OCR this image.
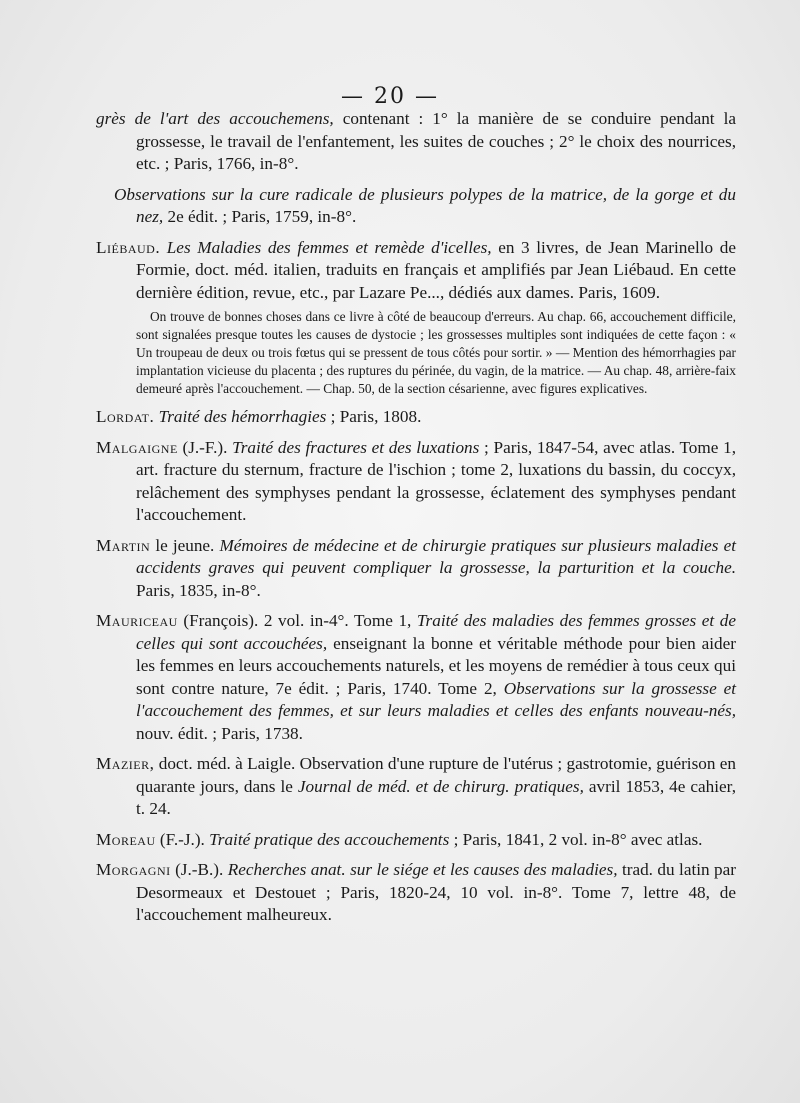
— 20 —

grès de l'art des accouchemens, contenant : 1° la manière de se conduire pendant la grossesse, le travail de l'enfantement, les suites de couches ; 2° le choix des nourrices, etc. ; Paris, 1766, in-8°.

Observations sur la cure radicale de plusieurs polypes de la matrice, de la gorge et du nez, 2e édit. ; Paris, 1759, in-8°.

Liébaud. Les Maladies des femmes et remède d'icelles, en 3 livres, de Jean Marinello de Formie, doct. méd. italien, traduits en français et amplifiés par Jean Liébaud. En cette dernière édition, revue, etc., par Lazare Pe..., dédiés aux dames. Paris, 1609.

On trouve de bonnes choses dans ce livre à côté de beaucoup d'erreurs. Au chap. 66, accouchement difficile, sont signalées presque toutes les causes de dystocie ; les grossesses multiples sont indiquées de cette façon : « Un troupeau de deux ou trois fœtus qui se pressent de tous côtés pour sortir. » — Mention des hémorrhagies par implantation vicieuse du placenta ; des ruptures du périnée, du vagin, de la matrice. — Au chap. 48, arrière-faix demeuré après l'accouchement. — Chap. 50, de la section césarienne, avec figures explicatives.

Lordat. Traité des hémorrhagies ; Paris, 1808.

Malgaigne (J.-F.). Traité des fractures et des luxations ; Paris, 1847-54, avec atlas. Tome 1, art. fracture du sternum, fracture de l'ischion ; tome 2, luxations du bassin, du coccyx, relâchement des symphyses pendant la grossesse, éclatement des symphyses pendant l'accouchement.

Martin le jeune. Mémoires de médecine et de chirurgie pratiques sur plusieurs maladies et accidents graves qui peuvent compliquer la grossesse, la parturition et la couche. Paris, 1835, in-8°.

Mauriceau (François). 2 vol. in-4°. Tome 1, Traité des maladies des femmes grosses et de celles qui sont accouchées, enseignant la bonne et véritable méthode pour bien aider les femmes en leurs accouchements naturels, et les moyens de remédier à tous ceux qui sont contre nature, 7e édit. ; Paris, 1740. Tome 2, Observations sur la grossesse et l'accouchement des femmes, et sur leurs maladies et celles des enfants nouveau-nés, nouv. édit. ; Paris, 1738.

Mazier, doct. méd. à Laigle. Observation d'une rupture de l'utérus ; gastrotomie, guérison en quarante jours, dans le Journal de méd. et de chirurg. pratiques, avril 1853, 4e cahier, t. 24.

Moreau (F.-J.). Traité pratique des accouchements ; Paris, 1841, 2 vol. in-8° avec atlas.

Morgagni (J.-B.). Recherches anat. sur le siége et les causes des maladies, trad. du latin par Desormeaux et Destouet ; Paris, 1820-24, 10 vol. in-8°. Tome 7, lettre 48, de l'accouchement malheureux.
